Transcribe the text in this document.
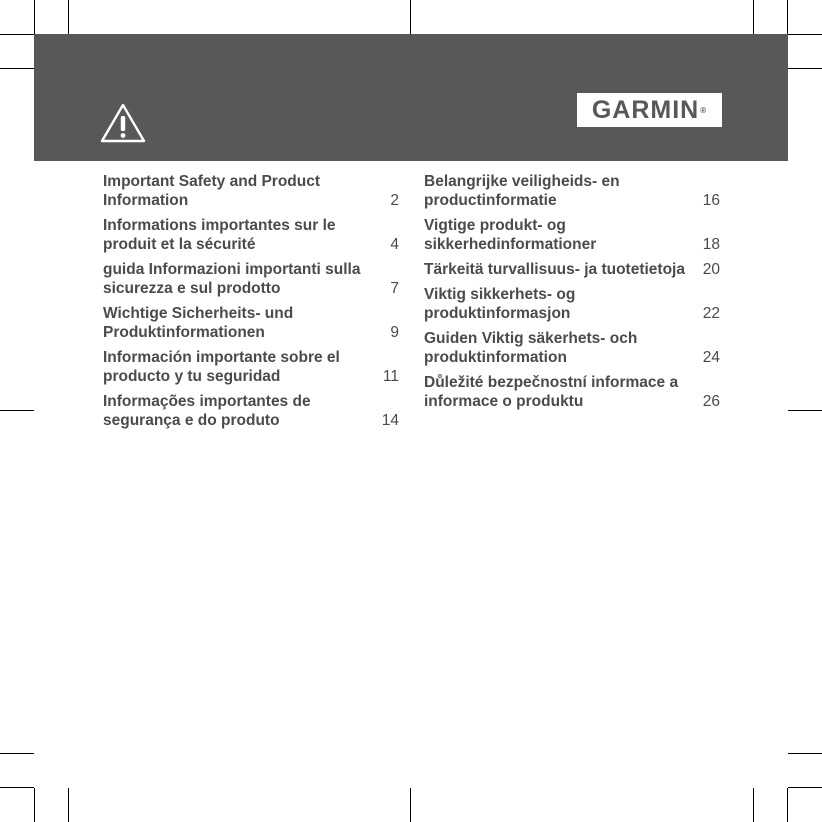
GARMIN ®
Important Safety and Product Information	2
Informations importantes sur le produit et la sécurité	4
guida Informazioni importanti sulla sicurezza e sul prodotto	7
Wichtige Sicherheits- und Produktinformationen	9
Información importante sobre el producto y tu seguridad	11
Informações importantes de segurança e do produto	14
Belangrijke veiligheids- en productinformatie	16
Vigtige produkt- og sikkerhedinformationer	18
Tärkeitä turvallisuus- ja tuotetietoja	20
Viktig sikkerhets- og produktinformasjon	22
Guiden Viktig säkerhets- och produktinformation	24
Důležité bezpečnostní informace a informace o produktu	26
